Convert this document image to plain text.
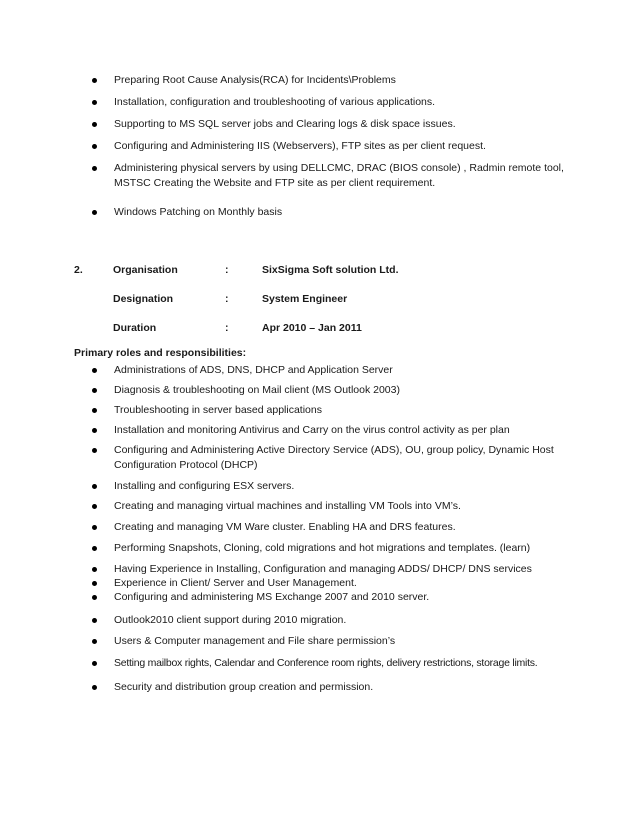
Preparing Root Cause Analysis(RCA) for Incidents\Problems
Installation, configuration and troubleshooting of various applications.
Supporting to MS SQL server jobs and Clearing logs & disk space issues.
Configuring and Administering IIS (Webservers), FTP sites as per client request.
Administering physical servers by using DELLCMC, DRAC (BIOS console) , Radmin remote tool, MSTSC Creating the Website and FTP site as per client requirement.
Windows Patching on Monthly basis
2.	Organisation	:	SixSigma Soft solution Ltd.
Designation	:	System Engineer
Duration	:	Apr 2010 – Jan 2011
Primary roles and responsibilities:
Administrations of ADS, DNS, DHCP and Application Server
Diagnosis & troubleshooting on Mail client (MS Outlook 2003)
Troubleshooting in server based applications
Installation and monitoring Antivirus and Carry on the virus control activity as per plan
Configuring and Administering Active Directory Service (ADS), OU, group policy, Dynamic Host Configuration Protocol (DHCP)
Installing and configuring ESX servers.
Creating and managing virtual machines and installing VM Tools into VM’s.
Creating and managing VM Ware cluster. Enabling HA and DRS features.
Performing Snapshots, Cloning, cold migrations and hot migrations and templates. (learn)
Having Experience in Installing, Configuration and managing ADDS/ DHCP/ DNS services
Experience in Client/ Server and User Management.
Configuring and administering MS Exchange 2007 and 2010 server.
Outlook2010 client support during 2010 migration.
Users & Computer management and File share permission’s
Setting mailbox rights, Calendar and Conference room rights, delivery restrictions, storage limits.
Security and distribution group creation and permission.
